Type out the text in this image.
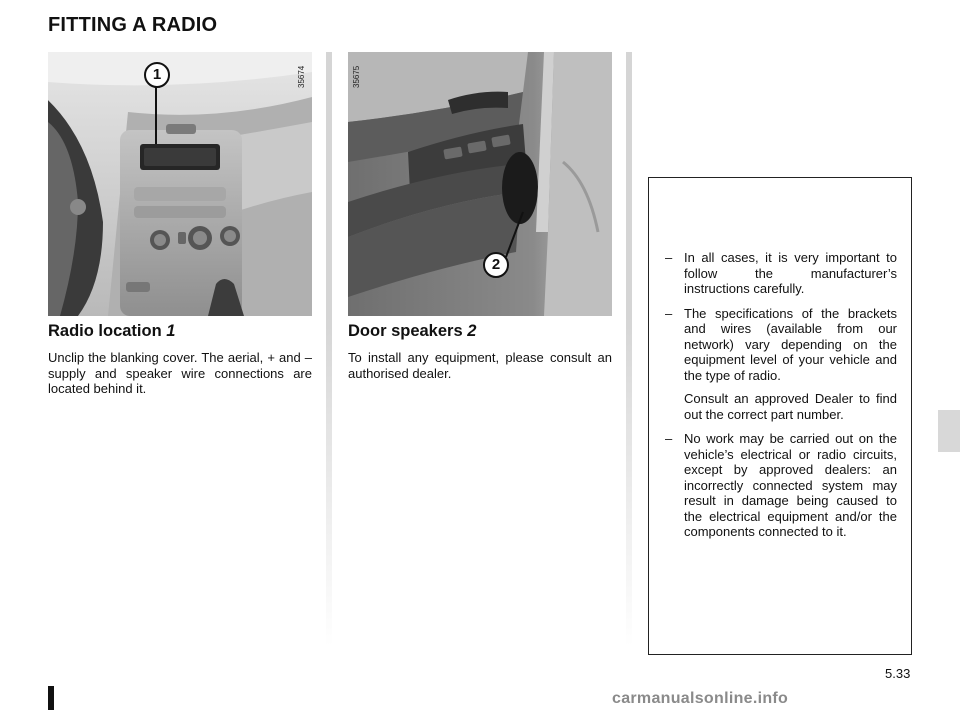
FITTING A RADIO
1	35674
2
35675
Radio location 1

Unclip the blanking cover. The aerial, + and – supply and speaker wire connections are located behind it.

Door speakers 2

To install any equipment, please consult an authorised dealer.

– In all cases, it is very important to follow the manufacturer’s instructions carefully.

– The specifications of the brackets and wires (available from our network) vary depending on the equipment level of your vehicle and the type of radio.

Consult an approved Dealer to find out the correct part number.

– No work may be carried out on the vehicle’s electrical or radio circuits, except by approved dealers: an incorrectly connected system may result in damage being caused to the electrical equipment and/or the components connected to it.

5.33
carmanualsonline.info
